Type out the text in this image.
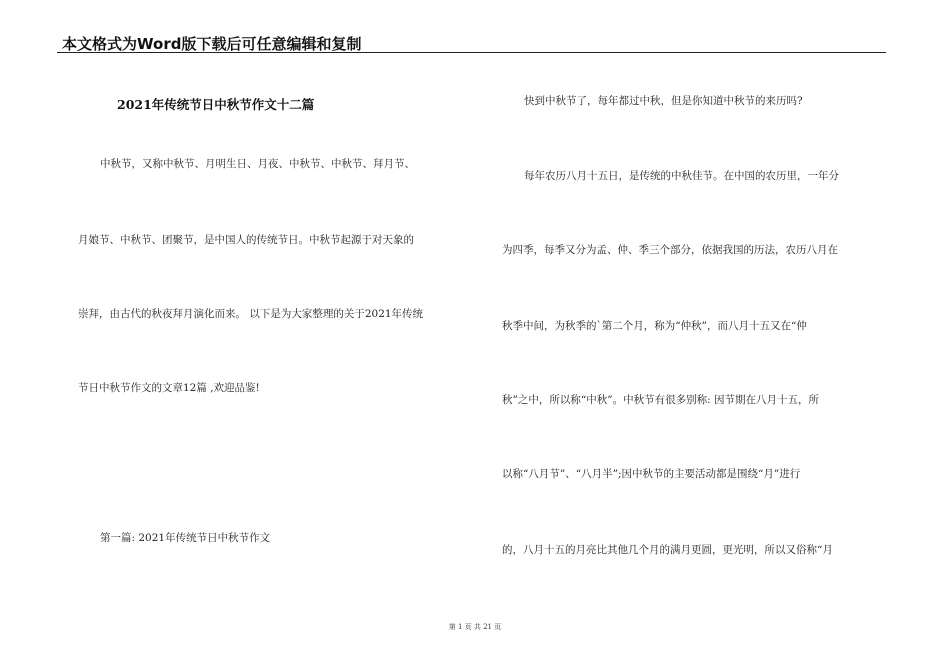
本文格式为Word版下载后可任意编辑和复制
2021年传统节日中秋节作文十二篇
中秋节，又称中秋节、月明生日、月夜、中秋节、中秋节、拜月节、
月娘节、中秋节、团聚节，是中国人的传统节日。中秋节起源于对天象的
崇拜，由古代的秋夜拜月演化而来。 以下是为大家整理的关于2021年传统
节日中秋节作文的文章12篇 ,欢迎品鉴!
第一篇: 2021年传统节日中秋节作文
快到中秋节了，每年都过中秋，但是你知道中秋节的来历吗?
每年农历八月十五日，是传统的中秋佳节。在中国的农历里，一年分
为四季，每季又分为孟、仲、季三个部分，依据我国的历法，农历八月在
秋季中间，为秋季的`第二个月，称为“仲秋”，而八月十五又在“仲
秋”之中，所以称“中秋”。中秋节有很多别称: 因节期在八月十五，所
以称“八月节”、“八月半”;因中秋节的主要活动都是围绕“月”进行
的，八月十五的月亮比其他几个月的满月更圆，更光明，所以又俗称“月
第 1 页 共 21 页
